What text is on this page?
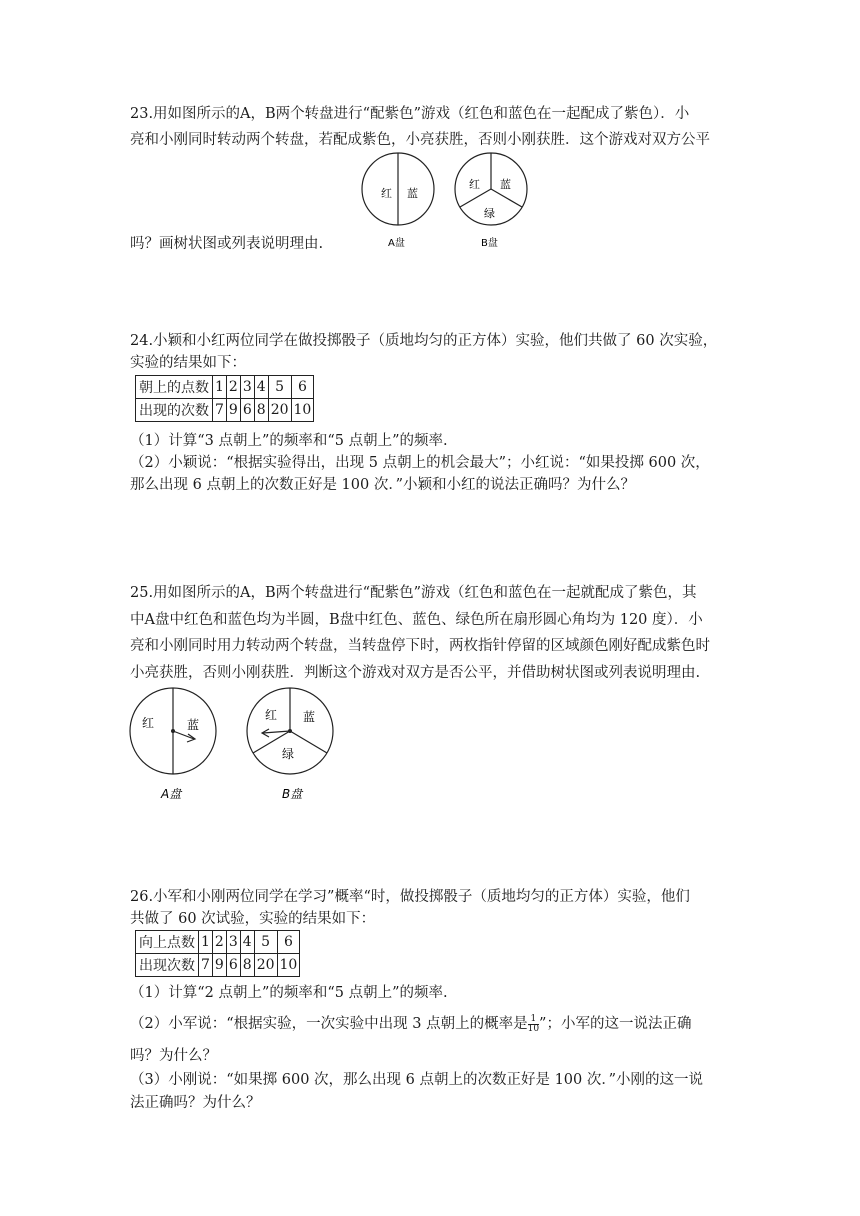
23.用如图所示的A，B两个转盘进行“配紫色”游戏（红色和蓝色在一起配成了紫色）．小
亮和小刚同时转动两个转盘，若配成紫色，小亮获胜，否则小刚获胜．这个游戏对双方公平
红 蓝
A盘
红 蓝
绿
B盘
吗？画树状图或列表说明理由.
24.小颖和小红两位同学在做投掷骰子（质地均匀的正方体）实验，他们共做了 60 次实验，
实验的结果如下：
朝上的点数	1	2	3	4	5	6
出现的次数	7	9	6	8	20	10
（1）计算“3 点朝上”的频率和“5 点朝上”的频率.
（2）小颖说：“根据实验得出，出现 5 点朝上的机会最大”；小红说：“如果投掷 600 次，
那么出现 6 点朝上的次数正好是 100 次．”小颖和小红的说法正确吗？为什么？
25.用如图所示的A，B两个转盘进行“配紫色”游戏（红色和蓝色在一起就配成了紫色，其
中A盘中红色和蓝色均为半圆，B盘中红色、蓝色、绿色所在扇形圆心角均为 120 度）．小
亮和小刚同时用力转动两个转盘，当转盘停下时，两枚指针停留的区域颜色刚好配成紫色时
小亮获胜，否则小刚获胜．判断这个游戏对双方是否公平，并借助树状图或列表说明理由.
红	蓝
A盘
红 蓝
绿
B盘
26.小军和小刚两位同学在学习”概率“时，做投掷骰子（质地均匀的正方体）实验，他们
共做了 60 次试验，实验的结果如下：
向上点数	1	2	3	4	5	6
出现次数	7	9	6	8	20	10
（1）计算“2 点朝上”的频率和“5 点朝上”的频率.
（2）小军说：“根据实验，一次实验中出现 3 点朝上的概率是 $\frac{1}{10}$ ”；小军的这一说法正确
吗？为什么？
（3）小刚说：“如果掷 600 次，那么出现 6 点朝上的次数正好是 100 次．”小刚的这一说
法正确吗？为什么？
